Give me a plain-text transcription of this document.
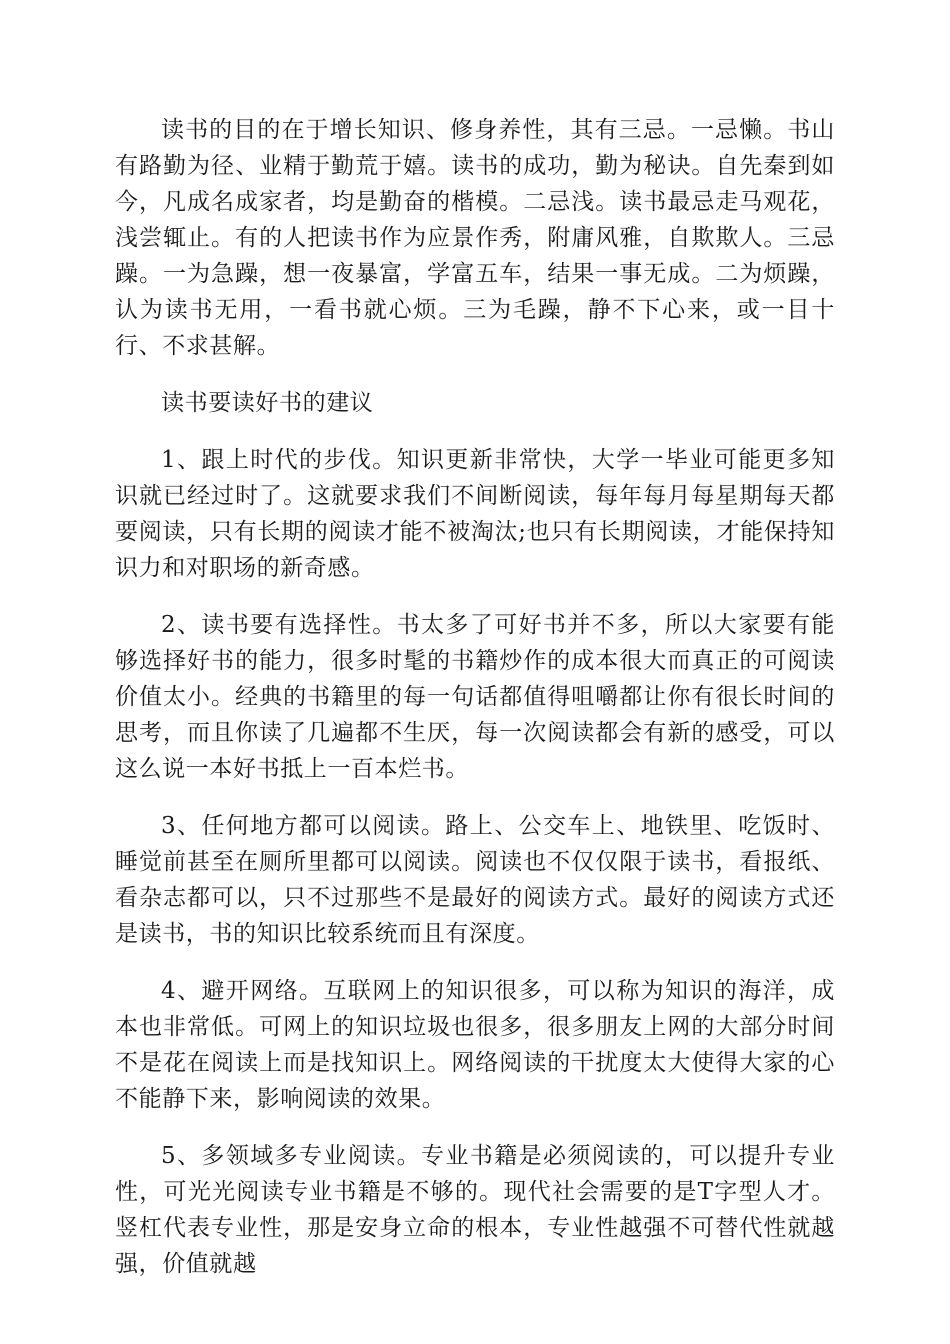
读书的目的在于增长知识、修身养性，其有三忌。一忌懒。书山有路勤为径、业精于勤荒于嬉。读书的成功，勤为秘诀。自先秦到如今，凡成名成家者，均是勤奋的楷模。二忌浅。读书最忌走马观花，浅尝辄止。有的人把读书作为应景作秀，附庸风雅，自欺欺人。三忌躁。一为急躁，想一夜暴富，学富五车，结果一事无成。二为烦躁，认为读书无用，一看书就心烦。三为毛躁，静不下心来，或一目十行、不求甚解。

读书要读好书的建议

1、跟上时代的步伐。知识更新非常快，大学一毕业可能更多知识就已经过时了。这就要求我们不间断阅读，每年每月每星期每天都要阅读，只有长期的阅读才能不被淘汰;也只有长期阅读，才能保持知识力和对职场的新奇感。

2、读书要有选择性。书太多了可好书并不多，所以大家要有能够选择好书的能力，很多时髦的书籍炒作的成本很大而真正的可阅读价值太小。经典的书籍里的每一句话都值得咀嚼都让你有很长时间的思考，而且你读了几遍都不生厌，每一次阅读都会有新的感受，可以这么说一本好书抵上一百本烂书。

3、任何地方都可以阅读。路上、公交车上、地铁里、吃饭时、睡觉前甚至在厕所里都可以阅读。阅读也不仅仅限于读书，看报纸、看杂志都可以，只不过那些不是最好的阅读方式。最好的阅读方式还是读书，书的知识比较系统而且有深度。

4、避开网络。互联网上的知识很多，可以称为知识的海洋，成本也非常低。可网上的知识垃圾也很多，很多朋友上网的大部分时间不是花在阅读上而是找知识上。网络阅读的干扰度太大使得大家的心不能静下来，影响阅读的效果。

5、多领域多专业阅读。专业书籍是必须阅读的，可以提升专业性，可光光阅读专业书籍是不够的。现代社会需要的是T字型人才。竖杠代表专业性，那是安身立命的根本，专业性越强不可替代性就越强，价值就越
